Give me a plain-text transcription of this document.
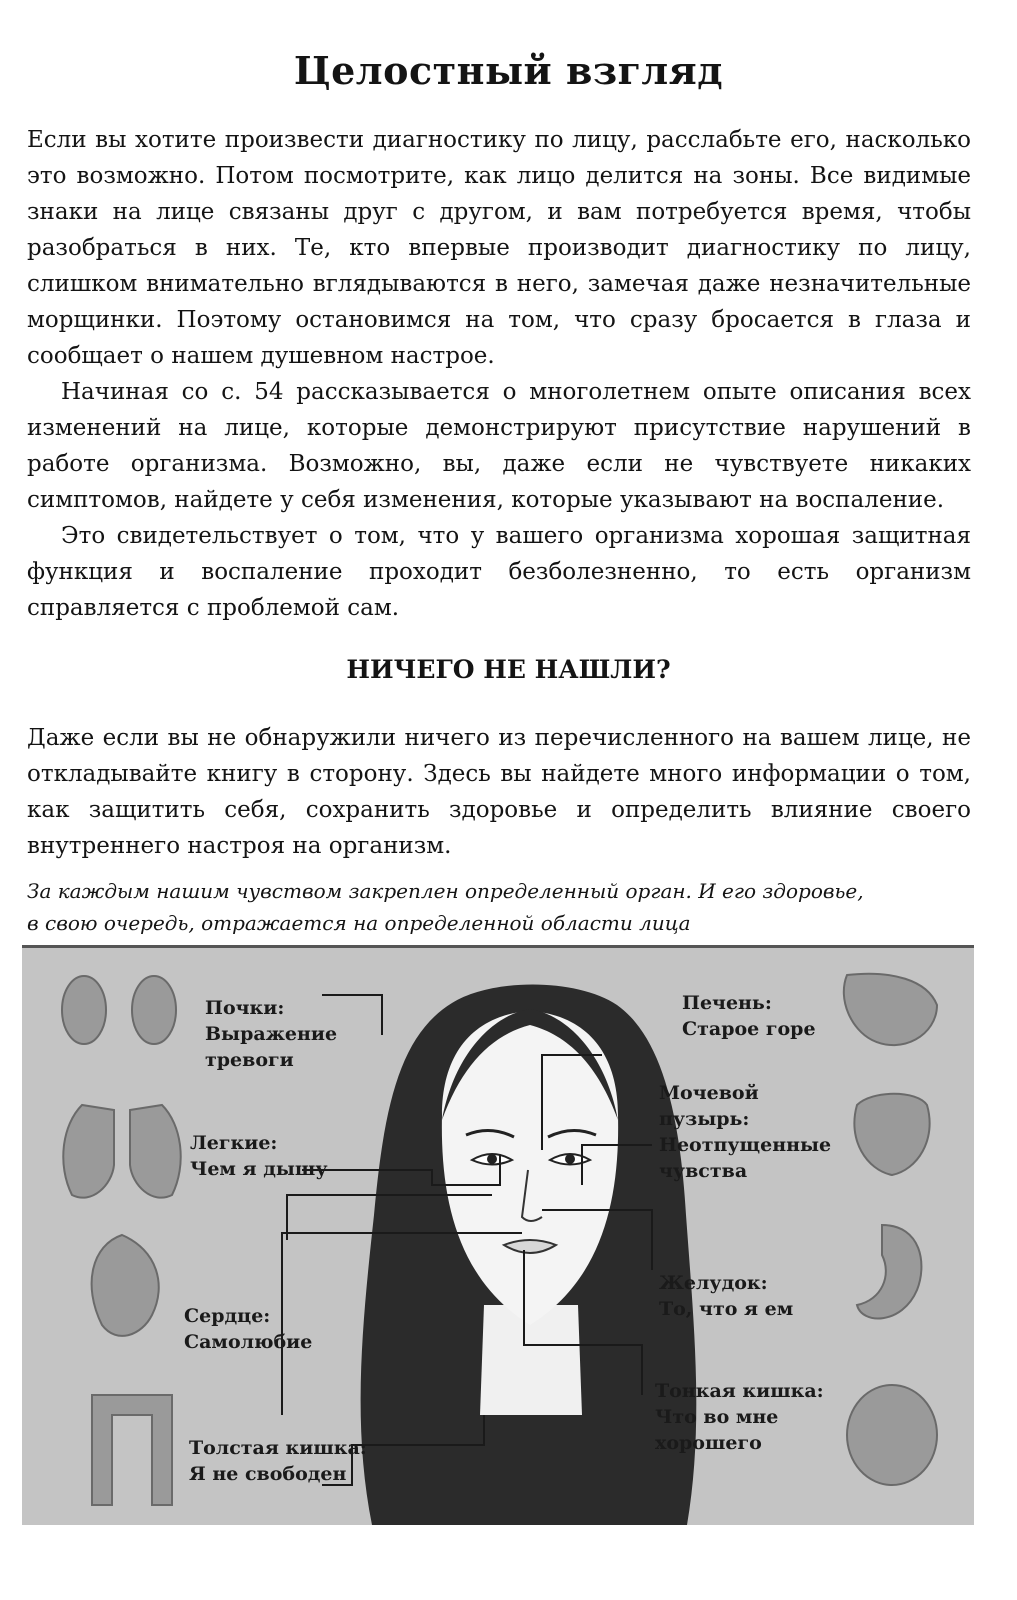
Целостный взгляд

Если вы хотите произвести диагностику по лицу, расслабьте его, насколько это возможно. Потом посмотрите, как лицо делится на зоны. Все видимые знаки на лице связаны друг с другом, и вам потребуется время, чтобы разобраться в них. Те, кто впервые производит диагностику по лицу, слишком внимательно вглядываются в него, замечая даже незначительные морщинки. Поэтому остановимся на том, что сразу бросается в глаза и сообщает о нашем душевном настрое.

Начиная со с. 54 рассказывается о многолетнем опыте описания всех изменений на лице, которые демонстрируют присутствие нарушений в работе организма. Возможно, вы, даже если не чувствуете никаких симптомов, найдете у себя изменения, которые указывают на воспаление.

Это свидетельствует о том, что у вашего организма хорошая защитная функция и воспаление проходит безболезненно, то есть организм справляется с проблемой сам.

НИЧЕГО НЕ НАШЛИ?

Даже если вы не обнаружили ничего из перечисленного на вашем лице, не откладывайте книгу в сторону. Здесь вы найдете много информации о том, как защитить себя, сохранить здоровье и определить влияние своего внутреннего настроя на организм.

За каждым нашим чувством закреплен определенный орган. И его здоровье,
в свою очередь, отражается на определенной области лица

Почки:
Выражение
тревоги
Легкие:
Чем я дышу
Сердце:
Самолюбие
Толстая кишка:
Я не свободен
Печень:
Старое горе
Мочевой
пузырь:
Неотпущенные
чувства
Желудок:
То, что я ем
Тонкая кишка:
Что во мне
хорошего
